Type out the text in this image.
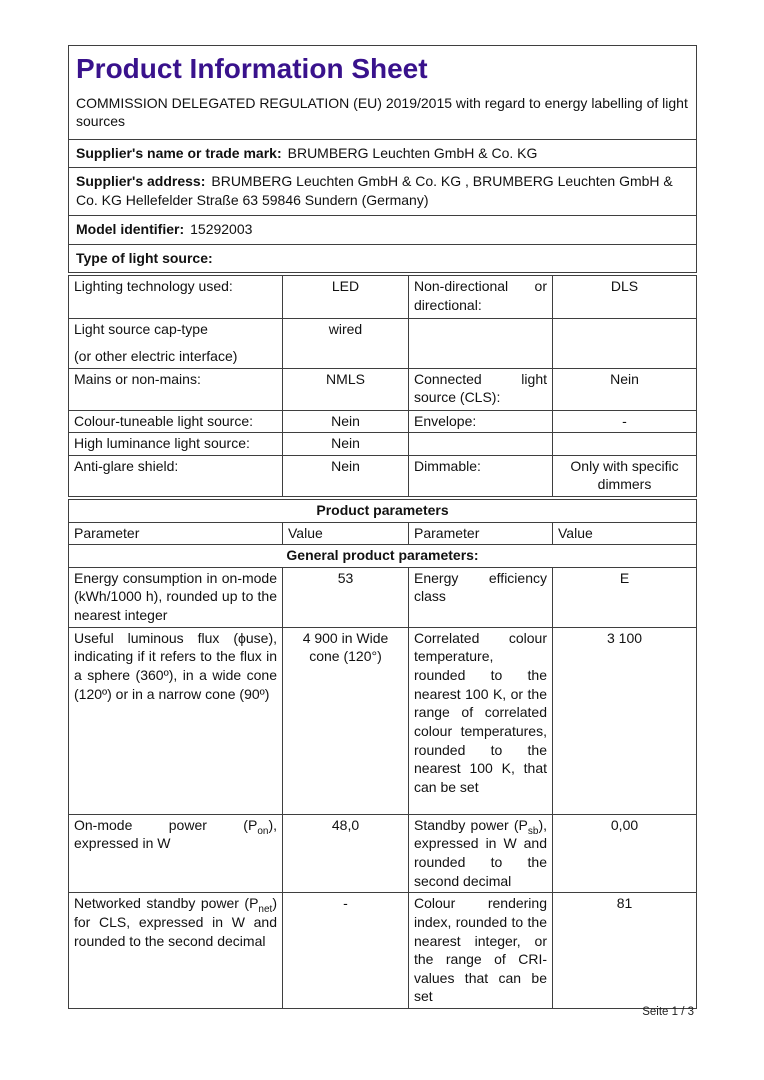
Product Information Sheet
COMMISSION DELEGATED REGULATION (EU) 2019/2015 with regard to energy labelling of light sources

Supplier's name or trade mark: BRUMBERG Leuchten GmbH & Co. KG
Supplier's address: BRUMBERG Leuchten GmbH & Co. KG , BRUMBERG Leuchten GmbH & Co. KG Hellefelder Straße 63 59846 Sundern (Germany)
Model identifier: 15292003
Type of light source:
Lighting technology used:	LED	Non-directional or directional:	DLS

Light source cap-type
(or other electric interface)	wired		
Mains or non-mains:	NMLS	Connected light source (CLS):	Nein
Colour-tuneable light source:	Nein	Envelope:	-
High luminance light source:	Nein		
Anti-glare shield:	Nein	Dimmable:	Only with specific dimmers
Product parameters			
Parameter	Value	Parameter	Value
General product parameters:			
Energy consumption in on-mode (kWh/1000 h), rounded up to the nearest integer	53	Energy efficiency class	E
Useful luminous flux (ϕuse), indicating if it refers to the flux in a sphere (360º), in a wide cone (120º) or in a narrow cone (90º)	4 900 in Wide cone (120°)	Correlated colour temperature, rounded to the nearest 100 K, or the range of correlated colour temperatures, rounded to the nearest 100 K, that can be set	3 100
On-mode power $(P_{on})$, expressed in W	48,0	Standby power $(P_{sb})$, expressed in W and rounded to the second decimal	0,00
Networked standby power $(P_{net})$ for CLS, expressed in W and rounded to the second decimal	-	Colour rendering index, rounded to the nearest integer, or the range of CRI-values that can be set	81
Seite 1 / 3
